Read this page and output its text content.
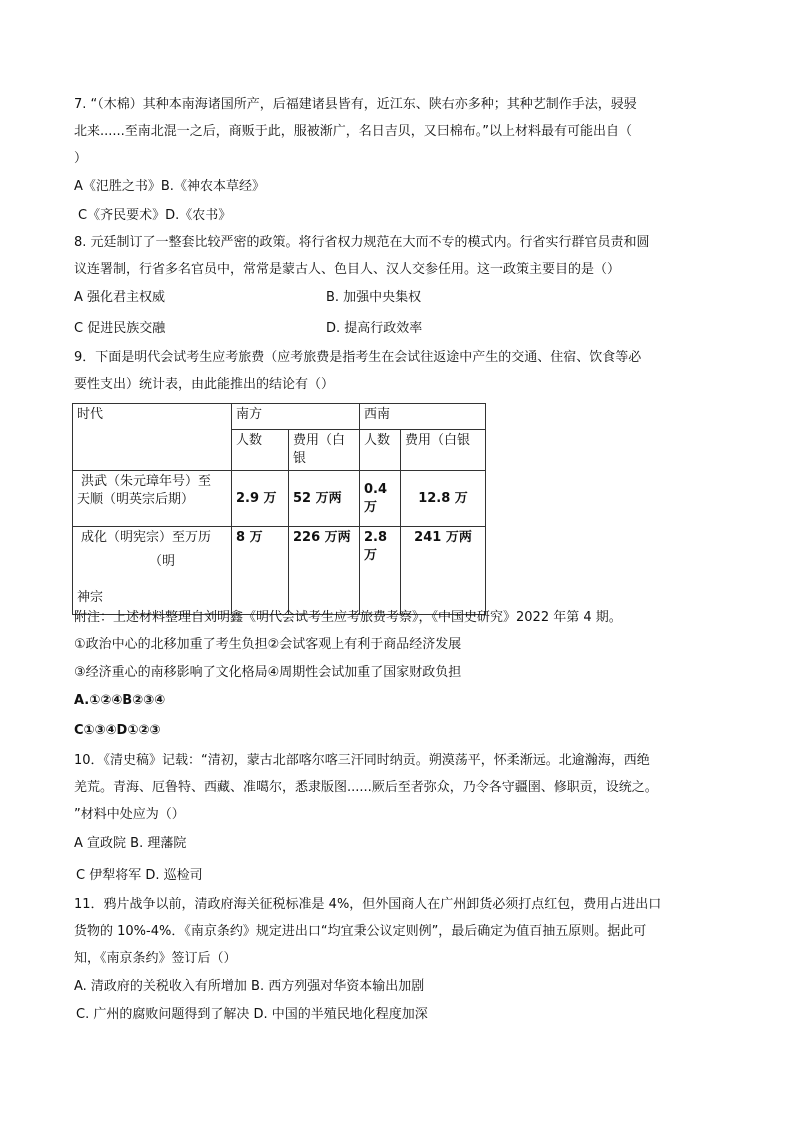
7. “（木棉）其种本南海诸国所产，后福建诸县皆有，近江东、陕右亦多种；其种艺制作手法，骎骎
北来......至南北混一之后，商贩于此，服被渐广，名日吉贝，又曰棉布。”以上材料最有可能出自（
）
A《氾胜之书》B.《神农本草经》
C《齐民要术》D.《农书》
8. 元廷制订了一整套比较严密的政策。将行省权力规范在大而不专的模式内。行省实行群官员责和圆
议连署制，行省多名官员中，常常是蒙古人、色目人、汉人交参任用。这一政策主要目的是（）
A 强化君主权威	B. 加强中央集权
C 促进民族交融	D. 提高行政效率
9．下面是明代会试考生应考旅费（应考旅费是指考生在会试往返途中产生的交通、住宿、饮食等必
要性支出）统计表，由此能推出的结论有（）
时代	南方		西南	
	人数	费用（白银	人数	费用（白银

洪武（朱元璋年号）至
天顺（明英宗后期）	2.9 万	52 万两	0.4 万	12.8 万

成化（明宪宗）至万历
（明
神宗	8 万	226 万两	2.8 万	241 万两
附注：上述材料整理自刘明鑫《明代会试考生应考旅费考察》，《中国史研究》2022 年第 4 期。
①政治中心的北移加重了考生负担②会试客观上有利于商品经济发展
③经济重心的南移影响了文化格局④周期性会试加重了国家财政负担
A.①②④B②③④
C①③④D①②③
10．《清史稿》记载：“清初，蒙古北部喀尔喀三汗同时纳贡。朔漠荡平，怀柔渐远。北逾瀚海，西绝
羌荒。青海、厄鲁特、西藏、准噶尔，悉隶版图......厥后至者弥众，乃令各守疆圉、修职贡，设统之。
”材料中处应为（）
A 宣政院 B. 理藩院
C 伊犁将军 D. 巡检司
11．鸦片战争以前，清政府海关征税标准是 4%，但外国商人在广州卸货必须打点红包，费用占进出口
货物的 10%-4%．《南京条约》规定进出口“均宜秉公议定则例”，最后确定为值百抽五原则。据此可
知，《南京条约》签订后（）
A. 清政府的关税收入有所增加 B. 西方列强对华资本输出加剧
C. 广州的腐败问题得到了解决 D. 中国的半殖民地化程度加深
